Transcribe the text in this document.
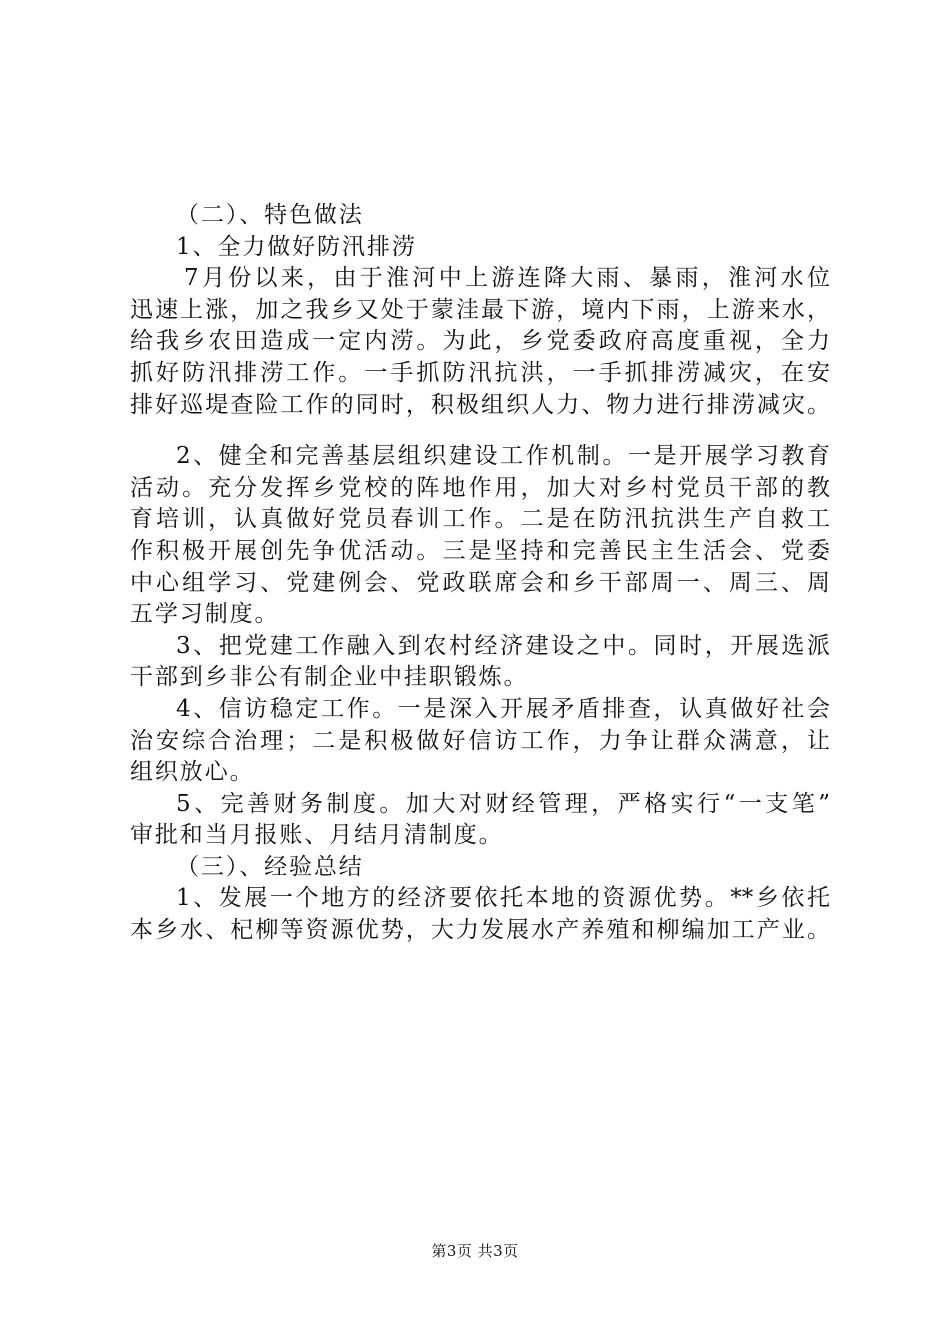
（二）、特色做法
1、全力做好防汛排涝
7月份以来，由于淮河中上游连降大雨、暴雨，淮河水位
迅速上涨，加之我乡又处于蒙洼最下游，境内下雨，上游来水，
给我乡农田造成一定内涝。为此，乡党委政府高度重视，全力
抓好防汛排涝工作。一手抓防汛抗洪，一手抓排涝减灾，在安
排好巡堤查险工作的同时，积极组织人力、物力进行排涝减灾。
2、健全和完善基层组织建设工作机制。一是开展学习教育
活动。充分发挥乡党校的阵地作用，加大对乡村党员干部的教
育培训，认真做好党员春训工作。二是在防汛抗洪生产自救工
作积极开展创先争优活动。三是坚持和完善民主生活会、党委
中心组学习、党建例会、党政联席会和乡干部周一、周三、周
五学习制度。
3、把党建工作融入到农村经济建设之中。同时，开展选派
干部到乡非公有制企业中挂职锻炼。
4、信访稳定工作。一是深入开展矛盾排查，认真做好社会
治安综合治理；二是积极做好信访工作，力争让群众满意，让
组织放心。
5、完善财务制度。加大对财经管理，严格实行“一支笔”
审批和当月报账、月结月清制度。
（三）、经验总结
1、发展一个地方的经济要依托本地的资源优势。**乡依托
本乡水、杞柳等资源优势，大力发展水产养殖和柳编加工产业。
第3页 共3页
